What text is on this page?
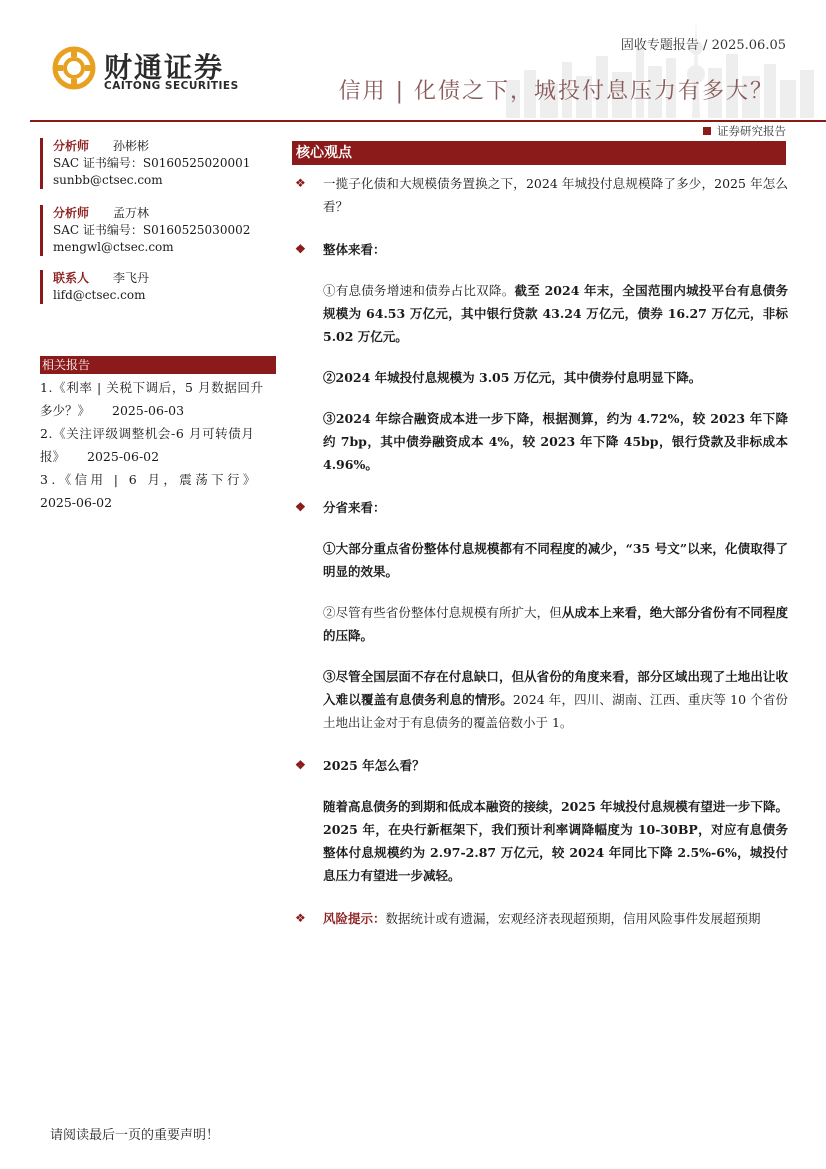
财通证券
CAITONG SECURITIES
固收专题报告 / 2025.06.05
信用 | 化债之下，城投付息压力有多大？
证券研究报告
分析师 孙彬彬
SAC 证书编号：S0160525020001
sunbb@ctsec.com
分析师 孟万林
SAC 证书编号：S0160525030002
mengwl@ctsec.com
联系人 李飞丹
lifd@ctsec.com
相关报告
1.《利率 | 关税下调后，5 月数据回升
多少？》 2025-06-03
2.《关注评级调整机会-6 月可转债月
报》 2025-06-02
3.《信用 | 6 月，震荡下行》
2025-06-02
核心观点
❖ 一揽子化债和大规模债务置换之下，2024 年城投付息规模降了多少，2025 年怎么看？
❖ 整体来看：
①有息债务增速和债券占比双降。截至 2024 年末，全国范围内城投平台有息债务规模为 64.53 万亿元，其中银行贷款 43.24 万亿元，债券 16.27 万亿元，非标 5.02 万亿元。
②2024 年城投付息规模为 3.05 万亿元，其中债券付息明显下降。
③2024 年综合融资成本进一步下降，根据测算，约为 4.72%，较 2023 年下降约 7bp，其中债券融资成本 4%，较 2023 年下降 45bp，银行贷款及非标成本 4.96%。
❖ 分省来看：
①大部分重点省份整体付息规模都有不同程度的减少，“35 号文”以来，化债取得了明显的效果。
②尽管有些省份整体付息规模有所扩大，但从成本上来看，绝大部分省份有不同程度的压降。
③尽管全国层面不存在付息缺口，但从省份的角度来看，部分区域出现了土地出让收入难以覆盖有息债务利息的情形。2024 年，四川、湖南、江西、重庆等 10 个省份土地出让金对于有息债务的覆盖倍数小于 1。
❖ 2025 年怎么看？
随着高息债务的到期和低成本融资的接续，2025 年城投付息规模有望进一步下降。2025 年，在央行新框架下，我们预计利率调降幅度为 10-30BP，对应有息债务整体付息规模约为 2.97-2.87 万亿元，较 2024 年同比下降 2.5%-6%，城投付息压力有望进一步减轻。
❖ 风险提示：数据统计或有遗漏，宏观经济表现超预期，信用风险事件发展超预期
请阅读最后一页的重要声明！
